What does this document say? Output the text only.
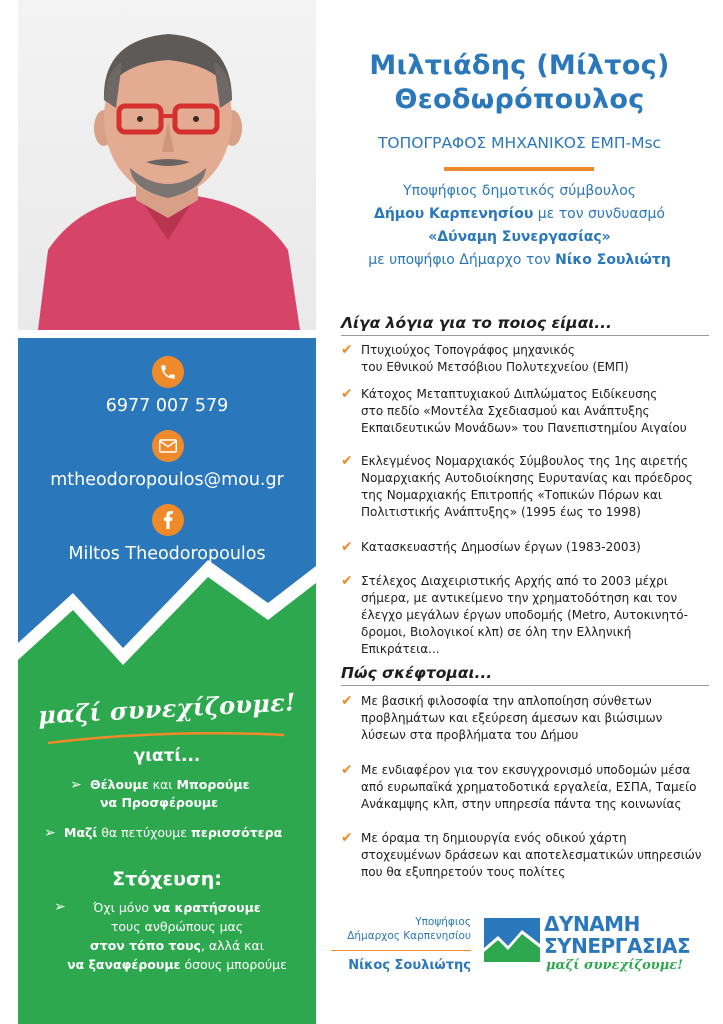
6977 007 579
mtheodoropoulos@mou.gr
Miltos Theodoropoulos
μαζί συνεχίζουμε!
γιατί...
➢ Θέλουμε και Μπορούμε
να Προσφέρουμε
➢ Μαζί θα πετύχουμε περισσότερα
Στόχευση:
➢	Όχι μόνο να κρατήσουμε
τους ανθρώπους μας
στον τόπο τους, αλλά και
να ξαναφέρουμε όσους μπορούμε
Μιλτιάδης (Μίλτος)
Θεοδωρόπουλος
ΤΟΠΟΓΡΑΦΟΣ ΜΗΧΑΝΙΚΟΣ ΕΜΠ-Msc
Υποψήφιος δημοτικός σύμβουλος
Δήμου Καρπενησίου με τον συνδυασμό
«Δύναμη Συνεργασίας»
με υποψήφιο Δήμαρχο τον Νίκο Σουλιώτη
Λίγα λόγια για το ποιος είμαι...
✔ Πτυχιούχος Τοπογράφος μηχανικός
του Εθνικού Μετσόβιου Πολυτεχνείου (ΕΜΠ)
✔ Κάτοχος Μεταπτυχιακού Διπλώματος Ειδίκευσης
στο πεδίο «Μοντέλα Σχεδιασμού και Ανάπτυξης
Εκπαιδευτικών Μονάδων» του Πανεπιστημίου Αιγαίου
✔ Εκλεγμένος Νομαρχιακός Σύμβουλος της 1ης αιρετής
Νομαρχιακής Αυτοδιοίκησης Ευρυτανίας και πρόεδρος
της Νομαρχιακής Επιτροπής «Τοπικών Πόρων και
Πολιτιστικής Ανάπτυξης» (1995 έως το 1998)
✔ Κατασκευαστής Δημοσίων έργων (1983-2003)
✔ Στέλεχος Διαχειριστικής Αρχής από το 2003 μέχρι
σήμερα, με αντικείμενο την χρηματοδότηση και τον
έλεγχο μεγάλων έργων υποδομής (Metro, Αυτοκινητό-
δρομοι, Βιολογικοί κλπ) σε όλη την Ελληνική Επικράτεια...
Πώς σκέφτομαι...
✔ Με βασική φιλοσοφία την απλοποίηση σύνθετων
προβλημάτων και εξεύρεση άμεσων και βιώσιμων
λύσεων στα προβλήματα του Δήμου
✔ Με ενδιαφέρον για τον εκσυγχρονισμό υποδομών μέσα
από ευρωπαϊκά χρηματοδοτικά εργαλεία, ΕΣΠΑ, Ταμείο
Ανάκαμψης κλπ, στην υπηρεσία πάντα της κοινωνίας
✔ Με όραμα τη δημιουργία ενός οδικού χάρτη
στοχευμένων δράσεων και αποτελεσματικών υπηρεσιών
που θα εξυπηρετούν τους πολίτες
Υποψήφιος
Δήμαρχος Καρπενησίου
Νίκος Σουλιώτης
ΔΥΝΑΜΗ
ΣΥΝΕΡΓΑΣΙΑΣ
μαζί συνεχίζουμε!
